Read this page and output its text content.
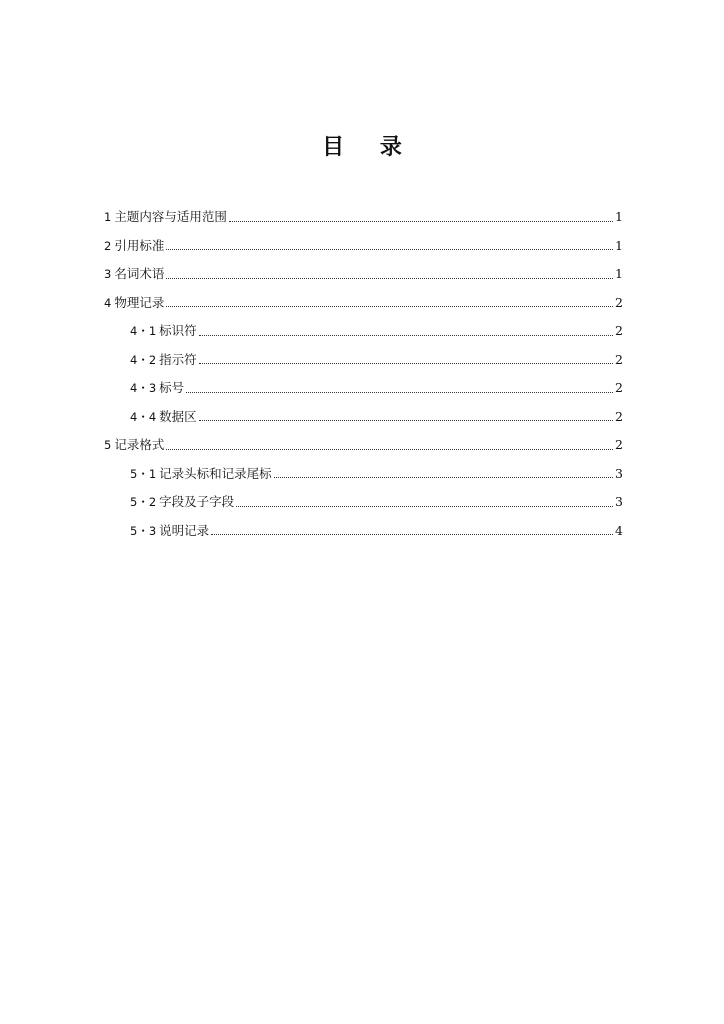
目 录
1 主题内容与适用范围	1
2 引用标准	1
3 名词术语	1
4 物理记录	2
4・1 标识符	2
4・2 指示符	2
4・3 标号	2
4・4 数据区	2
5 记录格式	2
5・1 记录头标和记录尾标	3
5・2 字段及子字段	3
5・3 说明记录	4
